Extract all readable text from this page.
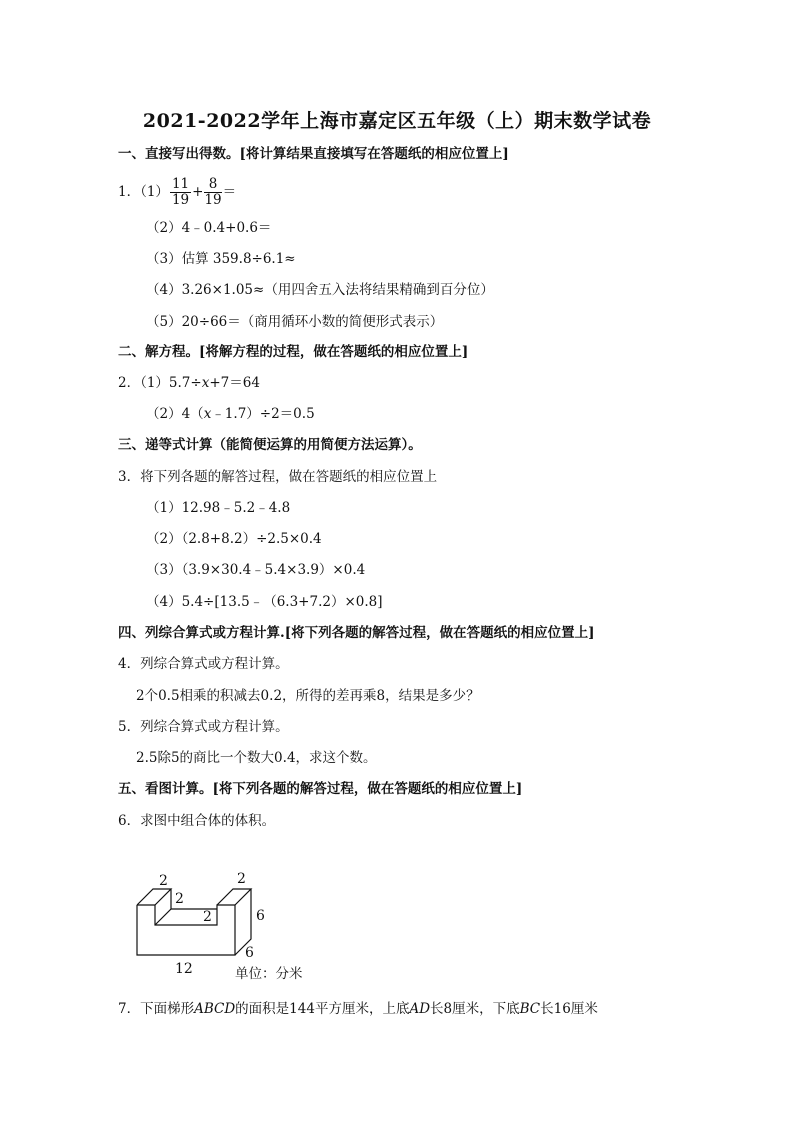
2021-2022学年上海市嘉定区五年级（上）期末数学试卷
一、直接写出得数。[将计算结果直接填写在答题纸的相应位置上]
1．$(1) \frac{11}{19} + \frac{8}{19}$ ＝
（2）4﹣0.4+0.6＝
（3）估算 359.8÷6.1≈
（4）3.26×1.05≈（用四舍五入法将结果精确到百分位）
（5）20÷66＝（商用循环小数的简便形式表示）
二、解方程。[将解方程的过程，做在答题纸的相应位置上]
2．（1）5.7÷x+7＝64
（2）4（x﹣1.7）÷2＝0.5
三、递等式计算（能简便运算的用简便方法运算）。
3．将下列各题的解答过程，做在答题纸的相应位置上
（1）12.98﹣5.2﹣4.8
（2）（2.8+8.2）÷2.5×0.4
（3）（3.9×30.4﹣5.4×3.9）×0.4
（4）5.4÷[13.5﹣（6.3+7.2）×0.8]
四、列综合算式或方程计算.[将下列各题的解答过程，做在答题纸的相应位置上]
4．列综合算式或方程计算。
2个0.5相乘的积减去0.2，所得的差再乘8，结果是多少？
5．列综合算式或方程计算。
2.5除5的商比一个数大0.4，求这个数。
五、看图计算。[将下列各题的解答过程，做在答题纸的相应位置上]
6．求图中组合体的体积。
2	2
2
2	6
6
12	单位：分米
7．下面梯形ABCD的面积是144平方厘米，上底AD长8厘米，下底BC长16厘米
